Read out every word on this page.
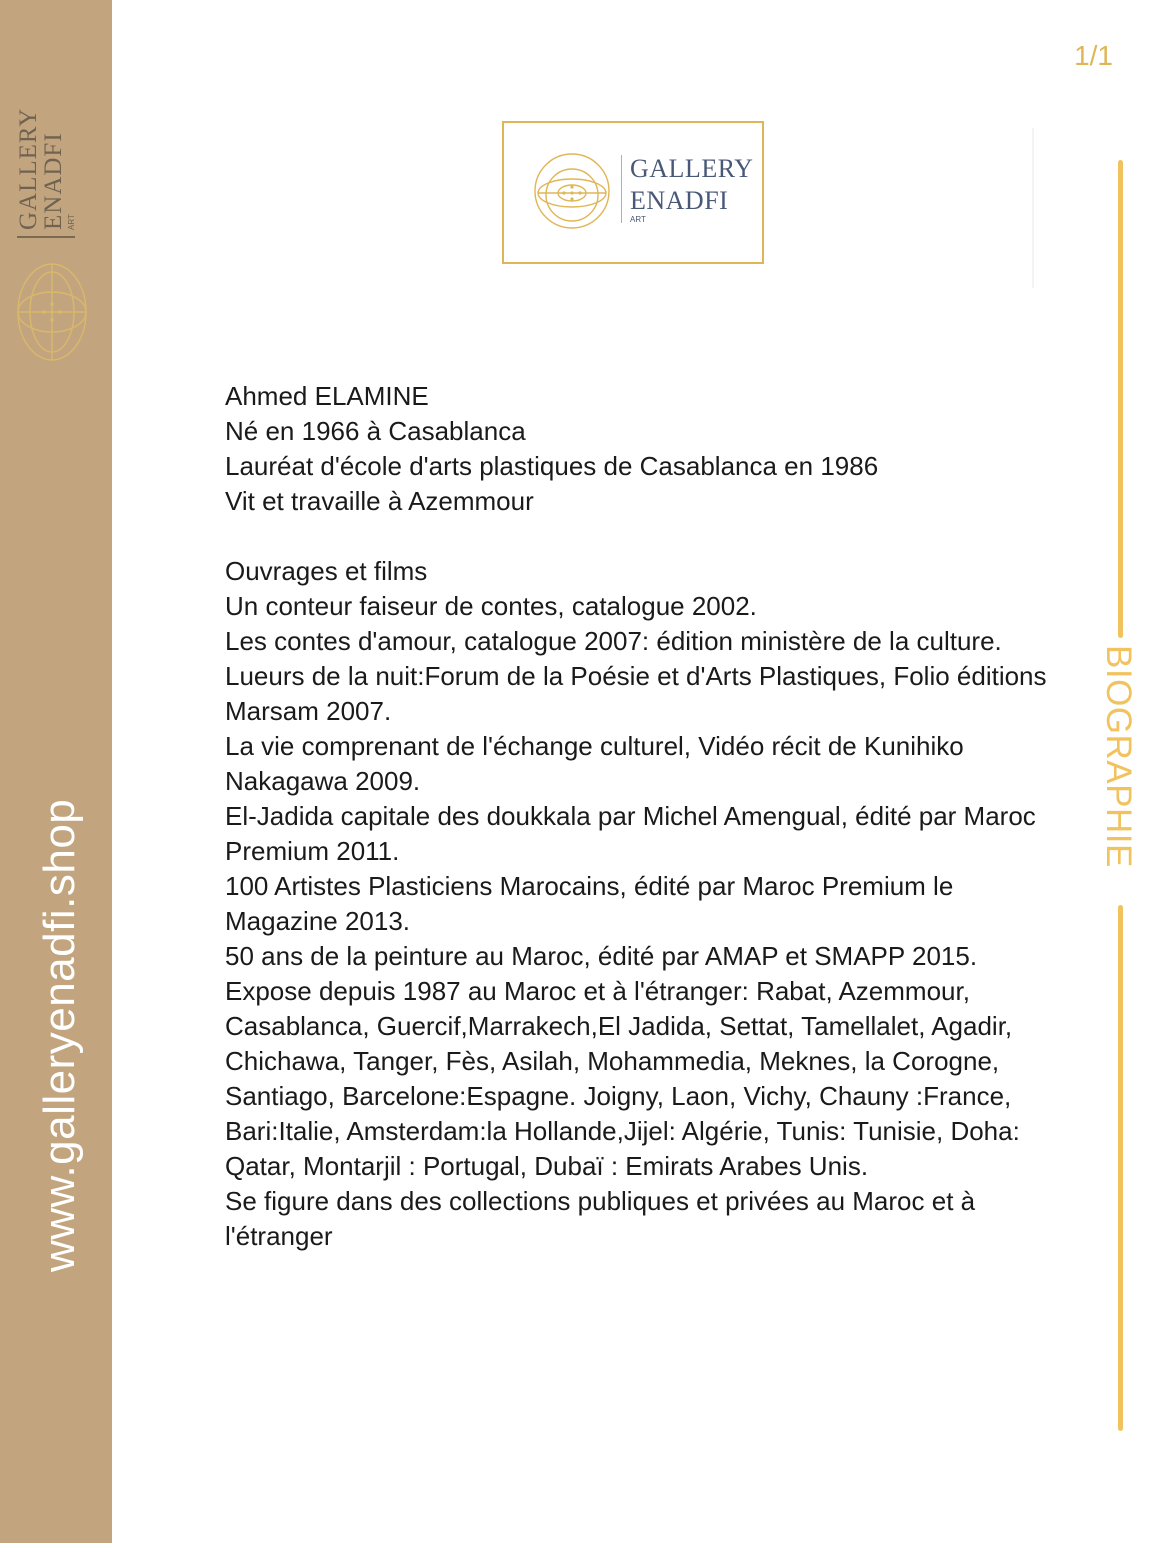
GALLERY
ENADFI ART
www.galleryenadfi.shop
1/1
GALLERY
ENADFI
ART
BIOGRAPHIE

Ahmed ELAMINE

Né en 1966 à Casablanca

Lauréat d'école d'arts plastiques de Casablanca en 1986

Vit et travaille à Azemmour

Ouvrages et films

Un conteur faiseur de contes, catalogue 2002.

Les contes d'amour, catalogue 2007: édition ministère de la culture.

Lueurs de la nuit:Forum de la Poésie et d'Arts Plastiques, Folio éditions Marsam 2007.

La vie comprenant de l'échange culturel, Vidéo récit de Kunihiko Nakagawa 2009.

El-Jadida capitale des doukkala par Michel Amengual, édité par Maroc Premium 2011.

100 Artistes Plasticiens Marocains, édité par Maroc Premium le Magazine 2013.

50 ans de la peinture au Maroc, édité par AMAP et SMAPP 2015.

Expose depuis 1987 au Maroc et à l'étranger: Rabat, Azemmour, Casablanca, Guercif,Marrakech,El Jadida, Settat, Tamellalet, Agadir, Chichawa, Tanger, Fès, Asilah, Mohammedia, Meknes, la Corogne, Santiago, Barcelone:Espagne. Joigny, Laon, Vichy, Chauny :France, Bari:Italie, Amsterdam:la Hollande,Jijel: Algérie, Tunis: Tunisie, Doha: Qatar, Montarjil : Portugal, Dubaï : Emirats Arabes Unis.

Se figure dans des collections publiques et privées au Maroc et à l'étranger
